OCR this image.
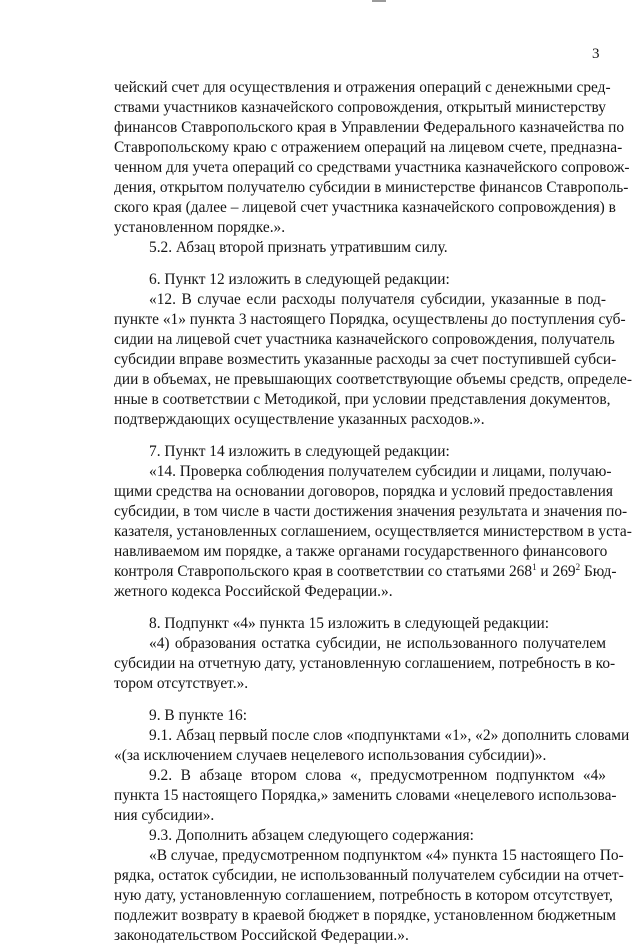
3
чейский счет для осуществления и отражения операций с денежными сред-
ствами участников казначейского сопровождения, открытый министерству
финансов Ставропольского края в Управлении Федерального казначейства по
Ставропольскому краю с отражением операций на лицевом счете, предназна-
ченном для учета операций со средствами участника казначейского сопровож-
дения, открытом получателю субсидии в министерстве финансов Ставрополь-
ского края (далее – лицевой счет участника казначейского сопровождения) в
установленном порядке.».
5.2. Абзац второй признать утратившим силу.
6. Пункт 12 изложить в следующей редакции:
«12. В случае если расходы получателя субсидии, указанные в под-
пункте «1» пункта 3 настоящего Порядка, осуществлены до поступления суб-
сидии на лицевой счет участника казначейского сопровождения, получатель
субсидии вправе возместить указанные расходы за счет поступившей субси-
дии в объемах, не превышающих соответствующие объемы средств, определе-
нные в соответствии с Методикой, при условии представления документов,
подтверждающих осуществление указанных расходов.».
7. Пункт 14 изложить в следующей редакции:
«14. Проверка соблюдения получателем субсидии и лицами, получаю-
щими средства на основании договоров, порядка и условий предоставления
субсидии, в том числе в части достижения значения результата и значения по-
казателя, установленных соглашением, осуществляется министерством в уста-
навливаемом им порядке, а также органами государственного финансового
контроля Ставропольского края в соответствии со статьями $268^1$ и $269^2$ Бюд-
жетного кодекса Российской Федерации.».
8. Подпункт «4» пункта 15 изложить в следующей редакции:
«4) образования остатка субсидии, не использованного получателем
субсидии на отчетную дату, установленную соглашением, потребность в ко-
тором отсутствует.».
9. В пункте 16:
9.1. Абзац первый после слов «подпунктами «1», «2» дополнить словами
«(за исключением случаев нецелевого использования субсидии)».
9.2. В абзаце втором слова «, предусмотренном подпунктом «4»
пункта 15 настоящего Порядка,» заменить словами «нецелевого использова-
ния субсидии».
9.3. Дополнить абзацем следующего содержания:
«В случае, предусмотренном подпунктом «4» пункта 15 настоящего По-
рядка, остаток субсидии, не использованный получателем субсидии на отчет-
ную дату, установленную соглашением, потребность в котором отсутствует,
подлежит возврату в краевой бюджет в порядке, установленном бюджетным
законодательством Российской Федерации.».
